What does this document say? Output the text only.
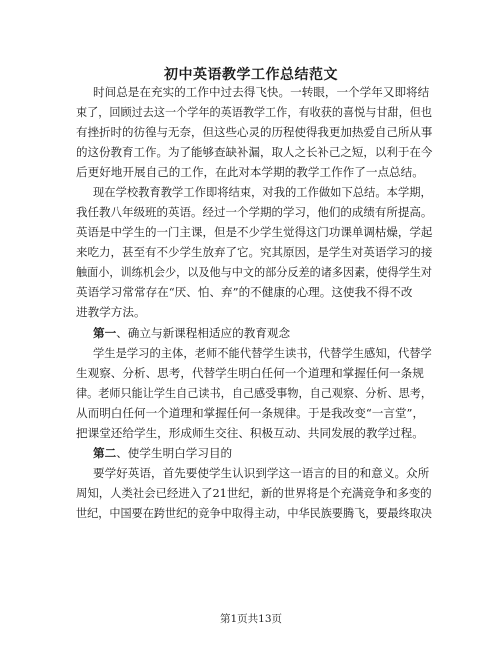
初中英语教学工作总结范文
时间总是在充实的工作中过去得飞快。一转眼，一个学年又即将结
束了，回顾过去这一个学年的英语教学工作，有收获的喜悦与甘甜，但也
有挫折时的彷徨与无奈，但这些心灵的历程使得我更加热爱自己所从事
的这份教育工作。为了能够查缺补漏，取人之长补己之短，以利于在今
后更好地开展自己的工作，在此对本学期的教学工作作了一点总结。
现在学校教育教学工作即将结束，对我的工作做如下总结。本学期，
我任教八年级班的英语。经过一个学期的学习，他们的成绩有所提高。
英语是中学生的一门主课，但是不少学生觉得这门功课单调枯燥，学起
来吃力，甚至有不少学生放弃了它。究其原因，是学生对英语学习的接
触面小，训练机会少，以及他与中文的部分反差的诸多因素，使得学生对
英语学习常常存在“厌、怕、弃”的不健康的心理。这使我不得不改
进教学方法。
第一、确立与新课程相适应的教育观念
学生是学习的主体，老师不能代替学生读书，代替学生感知，代替学
生观察、分析、思考，代替学生明白任何一个道理和掌握任何一条规
律。老师只能让学生自己读书，自己感受事物，自己观察、分析、思考，
从而明白任何一个道理和掌握任何一条规律。于是我改变“一言堂”，
把课堂还给学生，形成师生交往、积极互动、共同发展的教学过程。
第二、使学生明白学习目的
要学好英语，首先要使学生认识到学这一语言的目的和意义。众所
周知，人类社会已经进入了21世纪，新的世界将是个充满竞争和多变的
世纪，中国要在跨世纪的竞争中取得主动，中华民族要腾飞，要最终取决
第1页共13页
